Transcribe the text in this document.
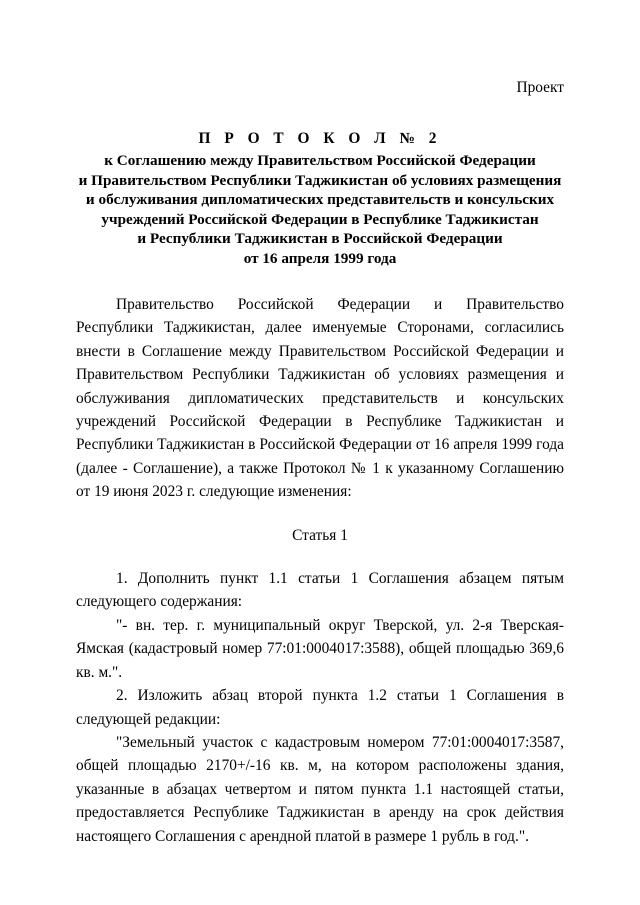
Проект
П Р О Т О К О Л № 2
к Соглашению между Правительством Российской Федерации
и Правительством Республики Таджикистан об условиях размещения
и обслуживания дипломатических представительств и консульских
учреждений Российской Федерации в Республике Таджикистан
и Республики Таджикистан в Российской Федерации
от 16 апреля 1999 года

Правительство Российской Федерации и Правительство Республики Таджикистан, далее именуемые Сторонами, согласились внести в Соглашение между Правительством Российской Федерации и Правительством Республики Таджикистан об условиях размещения и обслуживания дипломатических представительств и консульских учреждений Российской Федерации в Республике Таджикистан и Республики Таджикистан в Российской Федерации от 16 апреля 1999 года (далее - Соглашение), а также Протокол № 1 к указанному Соглашению от 19 июня 2023 г. следующие изменения:

Статья 1

1. Дополнить пункт 1.1 статьи 1 Соглашения абзацем пятым следующего содержания:

"- вн. тер. г. муниципальный округ Тверской, ул. 2-я Тверская-Ямская (кадастровый номер 77:01:0004017:3588), общей площадью 369,6 кв. м.".

2. Изложить абзац второй пункта 1.2 статьи 1 Соглашения в следующей редакции:

"Земельный участок с кадастровым номером 77:01:0004017:3587, общей площадью 2170+/-16 кв. м, на котором расположены здания, указанные в абзацах четвертом и пятом пункта 1.1 настоящей статьи, предоставляется Республике Таджикистан в аренду на срок действия настоящего Соглашения с арендной платой в размере 1 рубль в год.".
